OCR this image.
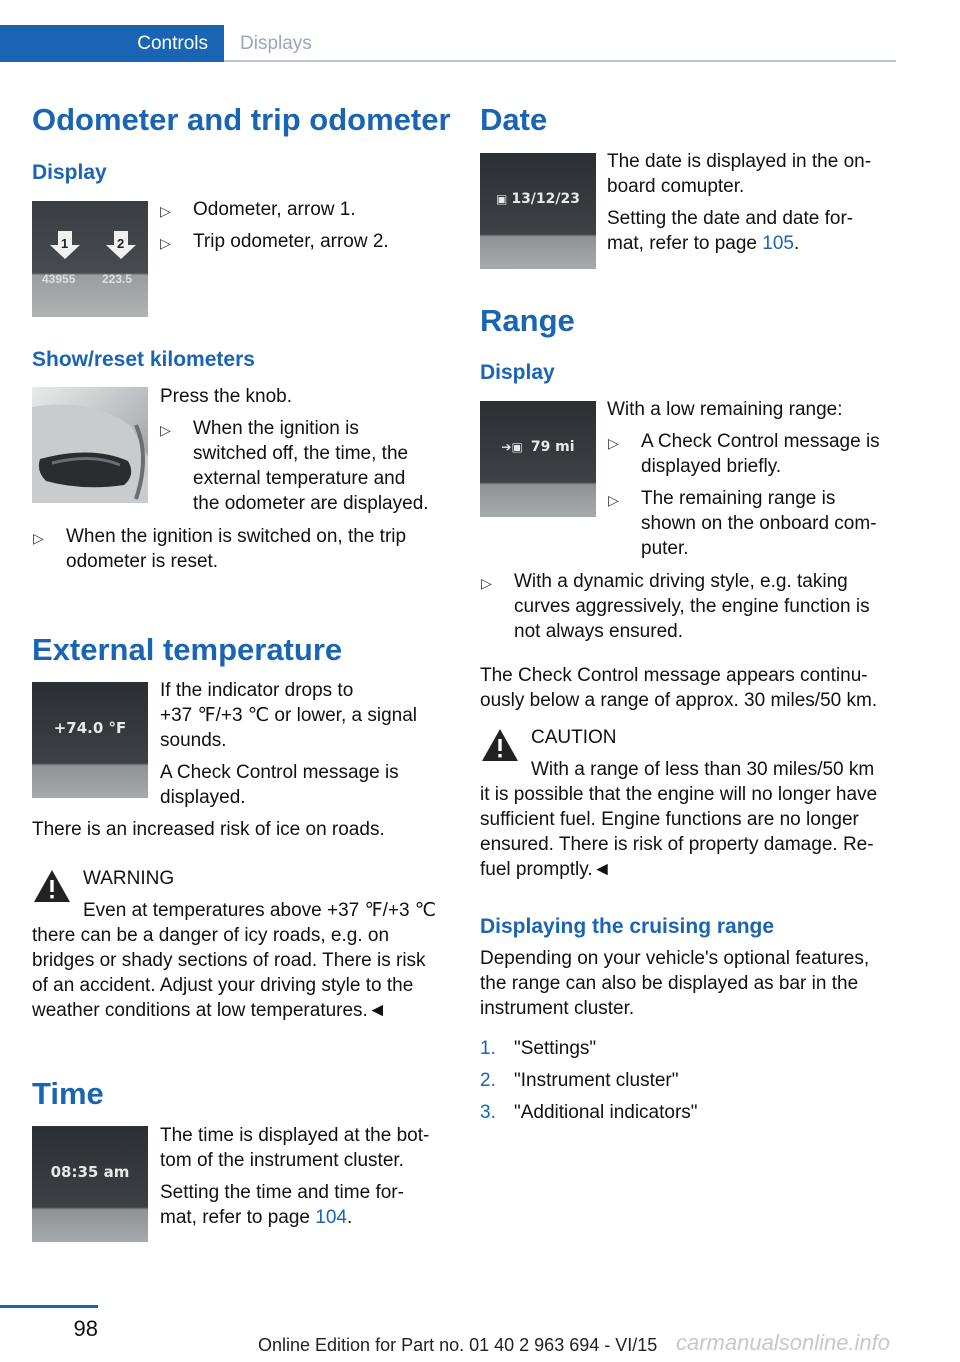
Controls	Displays
Odometer and trip odometer
Display
1	2
43955 223.5
▷	Odometer, arrow 1.
▷	Trip odometer, arrow 2.
Show/reset kilometers
Press the knob.
▷	When the ignition is
switched off, the time, the
external temperature and
the odometer are displayed.
▷	When the ignition is switched on, the trip
odometer is reset.
External temperature
+74.0 °F
If the indicator drops to
+37 ℉/+3 ℃ or lower, a signal
sounds.
A Check Control message is
displayed.
There is an increased risk of ice on roads.
WARNING
Even at temperatures above +37 ℉/+3 ℃
there can be a danger of icy roads, e.g. on
bridges or shady sections of road. There is risk
of an accident. Adjust your driving style to the
weather conditions at low temperatures.◄
Time
08:35 am
The time is displayed at the bot-
tom of the instrument cluster.
Setting the time and time for-
mat, refer to page 104.
Date
▣ 13/12/23
The date is displayed in the on-
board comupter.
Setting the date and date for-
mat, refer to page 105.
Range
Display
➔▣ 79 mi
With a low remaining range:
▷	A Check Control message is
displayed briefly.
▷	The remaining range is
shown on the onboard com-
puter.
▷	With a dynamic driving style, e.g. taking
curves aggressively, the engine function is
not always ensured.
The Check Control message appears continu-
ously below a range of approx. 30 miles/50 km.
CAUTION
With a range of less than 30 miles/50 km
it is possible that the engine will no longer have
sufficient fuel. Engine functions are no longer
ensured. There is risk of property damage. Re-
fuel promptly.◄
Displaying the cruising range
Depending on your vehicle's optional features,
the range can also be displayed as bar in the
instrument cluster.
1. "Settings"
2. "Instrument cluster"
3. "Additional indicators"
98
Online Edition for Part no. 01 40 2 963 694 - VI/15 carmanualsonline.info
